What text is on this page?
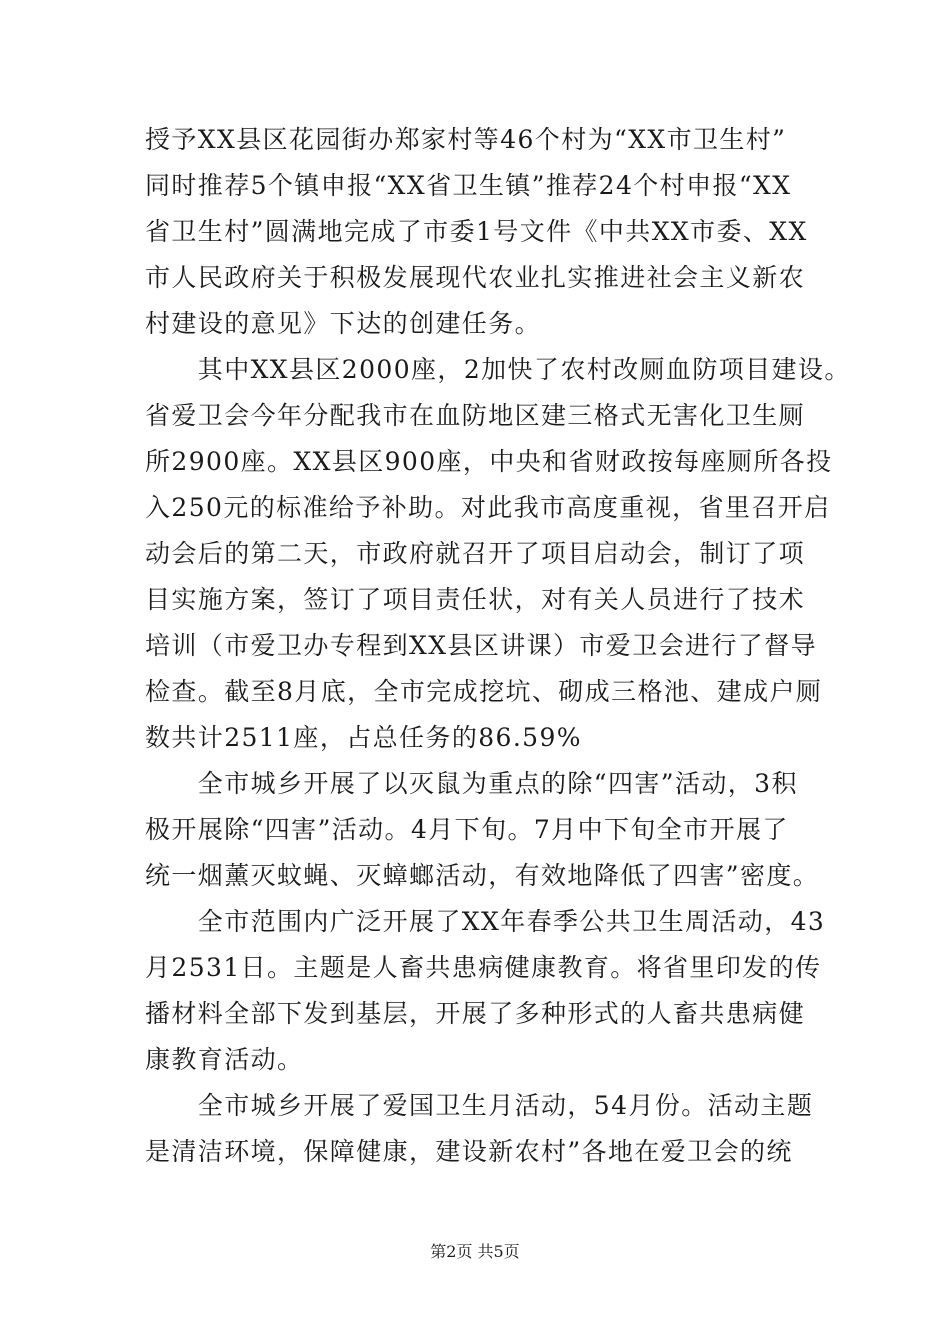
授予XX县区花园街办郑家村等46个村为“XX市卫生村”
同时推荐5个镇申报“XX省卫生镇”推荐24个村申报“XX
省卫生村”圆满地完成了市委1号文件《中共XX市委、XX
市人民政府关于积极发展现代农业扎实推进社会主义新农
村建设的意见》下达的创建任务。
　　其中XX县区2000座，2加快了农村改厕血防项目建设。
省爱卫会今年分配我市在血防地区建三格式无害化卫生厕
所2900座。XX县区900座，中央和省财政按每座厕所各投
入250元的标准给予补助。对此我市高度重视，省里召开启
动会后的第二天，市政府就召开了项目启动会，制订了项
目实施方案，签订了项目责任状，对有关人员进行了技术
培训（市爱卫办专程到XX县区讲课）市爱卫会进行了督导
检查。截至8月底，全市完成挖坑、砌成三格池、建成户厕
数共计2511座，占总任务的86.59%
　　全市城乡开展了以灭鼠为重点的除“四害”活动，3积
极开展除“四害”活动。4月下旬。7月中下旬全市开展了
统一烟薰灭蚊蝇、灭蟑螂活动，有效地降低了四害”密度。
　　全市范围内广泛开展了XX年春季公共卫生周活动，43
月2531日。主题是人畜共患病健康教育。将省里印发的传
播材料全部下发到基层，开展了多种形式的人畜共患病健
康教育活动。
　　全市城乡开展了爱国卫生月活动，54月份。活动主题
是清洁环境，保障健康，建设新农村”各地在爱卫会的统
第2页 共5页
